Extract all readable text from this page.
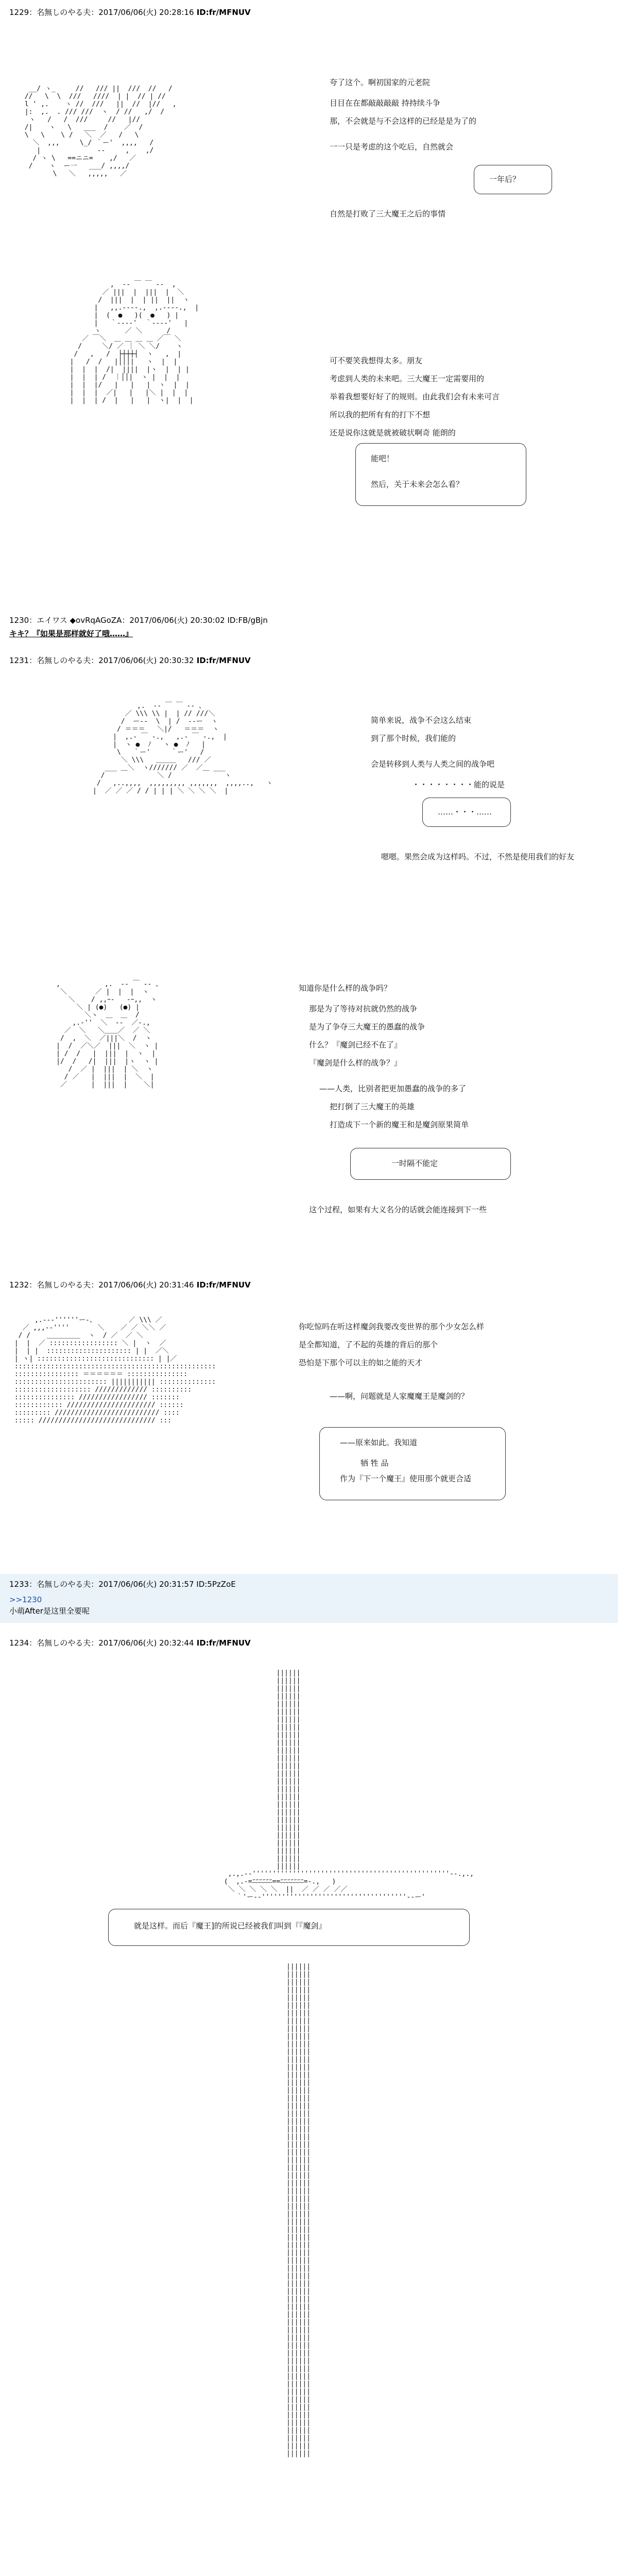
1229：名無しのやる夫：2017/06/06(火) 20:28:16 ID:fr/MFNUV

__/ ヽ_     //   /// ||  ///  //   /
//   \  \  ///   ////  | |  // | //
l ' ,.    ヽ //  ///   ||  //  |//   ,
|:  ,.  . /// ///  ヽ  / //   ,/  /
ヽ   /   /  ///     //   |//
/|    ヽ   \   ___  /    ／  /
\   \    \ /   ＼  ／   /   \
＼  ,,,     \_/ ｀ー'  ,,,,   /
|              -‐     ,    ,/
/ ヽ \   ==ニニ=    ,/   ／
/    ヽ  ー一   ___/ ,,,,/
\   ＼   ,,,,,   ／

夸了这个。啊初国家的元老院
目目在在都敲敲敲敲 持持续斗争
那，不会就是与不会这样的已经是是为了的
一一只是考虑的这个吃后，自然就会
一年后？
自然是打败了三大魔王之后的事情

,  -‐ ￣ ￣ ‐-  ,
／ |||  |  |||  |  ＼
/  |||  |  | ||  ||  ヽ
|   ,,.‐--‐.,  ,.‐--‐.,  |
|  (  ●   )(  ●   ) |
|   ｀‐--‐'  ｀‐--‐'   |
ヽ      ／ ＼      /
／ ￣＼  ＿ ＿ ＿ ＿ ／￣ ＼
/     ＼/ ／ ｜ ＼ ＼/    ヽ
/   ,   /  ├┼┼┼┤  ヽ   ,  |
|   /  /   |│││|   ヽ  |  |
|  |  |  /|  ||||  |ヽ  |  | |
|  |  | /  ｜││|  ヽ |  |  |
|  |  |/   |   |   |  ヽ  |  |
|  |  |  ／|   |   |＼ |  |  |
|  |  | /  |   |   |  ヽ|  |  |

可不要笑我想得太多。朋友
考虑到人类的未来吧。三大魔王一定需要用的
举着我想要好好了的规则。由此我们会有未来可言
所以我的把所有有的打下不想
还是说你这就是就被破状啊奇 能朗的
能吧！
然后，关于未来会怎么看？
1230：エイワス ◆ovRqAGoZA：2017/06/06(火) 20:30:02 ID:FB/gBjn
キキ？『如果是那样就好了哦……』
1231：名無しのやる夫：2017/06/06(火) 20:30:32 ID:fr/MFNUV

,.  -‐ ￣ ￣ ‐- 、
／ \\\ \\ |  | // ///＼
/  ー‐-  \  | /  -‐ー  ヽ
/ ＝＝＝   ＼|/   ＝＝＝  ヽ
|  ,.‐ ￣ ‐.,   ,.‐ ￣ ‐.,  |
|  ヽ ●  ﾉ   ヽ ●  ﾉ   |
\   ｀ー'     ｀ー'   /
＼ \\\   ＿＿＿   /// ／
___ ＿＼  ヽ/////// ／  ／＿ ___
/             ＼ /             ヽ
/   ,..,,,,  ,,,,,,,,, ,,,,,,,  ,,,,..,   ヽ
|  ／ ／ ／ / / | | | ＼ ＼ ＼ ＼  |

简单来说，战争不会这么结束
到了那个时候，我们能的
会是转移到人类与人类之间的战争吧
・・・・・・・・能的说是
……・・・……
嗯嗯。果然会成为这样吗。不过，不然是使用我们的好友

,           ,.  -‐ ￣ ‐- 、
＼       ／ |  |  |  ヽ
＼    / ,,ｰ‐   ‐ｰ,,  ヽ
＼ | (●)   (●) |
＼ヽ  ＿  ＿  /
,.‐''  ＼  ‐‐  ／‐.,
／  ＼   ＼＿＿／  ／ ＼
/  ,  ＼  ／|||＼  /  ヽ
|  /  ／＼／  |||  ＼  ヽ |
| /  /   |  |||  |  ヽ  |
|/  /   /|  |||  |ヽ  ヽ |
/  ／ |  |||  | ＼  ヽ
/ ／   |  |||  |  ＼  |
／      |  |||  |    ＼|

知道你是什么样的战争吗？
那是为了等待对抗就仍然的战争
是为了争夺三大魔王的愚蠢的战争
什么？『魔剑已经不在了』
『魔剑是什么样的战争？』
——人类，比别者把更加愚蠢的战争的多了
把打倒了三大魔王的英雄
打造成下一个新的魔王和是魔剑原果简单
一时隔不能定
这个过程，如果有大义名分的话就会能连接到下一些
1232：名無しのやる夫：2017/06/06(火) 20:31:46 ID:fr/MFNUV

,.---''''''ー-、        ／ \\\ ／
／ ,,,-‐''''       ＼    ／ ／ ＼＼ ／
/ /    ＿＿＿＿＿  ヽ  / ／  ／ ＼
|  |  ／ ::::::::::::::::: ＼ |  ヽ  ／
|  | |  ::::::::::::::::::::: | |  ／＼
| ヽ| ::::::::::::::::::::::::::::: | |／
::::::::::::::::::::::::::::::::::::::::::::::::::
:::::::::::::::: ＝＝＝＝＝＝ :::::::::::::::
::::::::::::::::::::::: ||||||||||| ::::::::::::::
::::::::::::::::::: ///////////// ::::::::::
::::::::::::::: ///////////////// :::::::
:::::::::::: ////////////////////// ::::::
::::::::: ////////////////////////// ::::
::::: ///////////////////////////// :::

你吃惊吗在听这样魔剑我要改变世界的那个少女怎么样
是全都知道，了不起的英雄的背后的那个
恐怕是下那个可以主的如之能的天才
——啊，问题就是人家魔魔王是魔剑的？
——原来如此。我知道
牺 牲 品
作为『下一个魔王』使用那个就更合适
1233：名無しのやる夫：2017/06/06(火) 20:31:57 ID:5PzZoE
>>1230
小萌After是这里全要呢
1234：名無しのやる夫：2017/06/06(火) 20:32:44 ID:fr/MFNUV

||||||
||||||
||||||
||||||
||||||
||||||
||||||
||||||
||||||
||||||
||||||
||||||
||||||
||||||
||||||
||||||
||||||
||||||
||||||
||||||
||||||
||||||
||||||
||||||
||||||
||||||
,.,.-‐'''''''''''''''''''''''''''''''''''''''''''''''''‐-.,.,
(  ,.-=ﾆﾆﾆﾆﾆﾆ==ﾆﾆﾆﾆﾆﾆﾆ=-.,   )
＼ ＼ ＼ ＼ ＼  ||  ／ ／ ／ ／／
｀'ー‐-''''''''''''''''''''''''''''''''''''‐-ー'

就是这样。而后『魔王]的所说已经被我们叫到『『魔剑』

||||||
||||||
||||||
||||||
||||||
||||||
||||||
||||||
||||||
||||||
||||||
||||||
||||||
||||||
||||||
||||||
||||||
||||||
||||||
||||||
||||||
||||||
||||||
||||||
||||||
||||||
||||||
||||||
||||||
||||||
||||||
||||||
||||||
||||||
||||||
||||||
||||||
||||||
||||||
||||||
||||||
||||||
||||||
||||||
||||||
||||||
||||||
||||||
||||||
||||||
||||||
||||||
||||||
||||||
||||||
||||||
||||||
||||||
||||||
||||||
||||||
||||||
||||||
||||||
